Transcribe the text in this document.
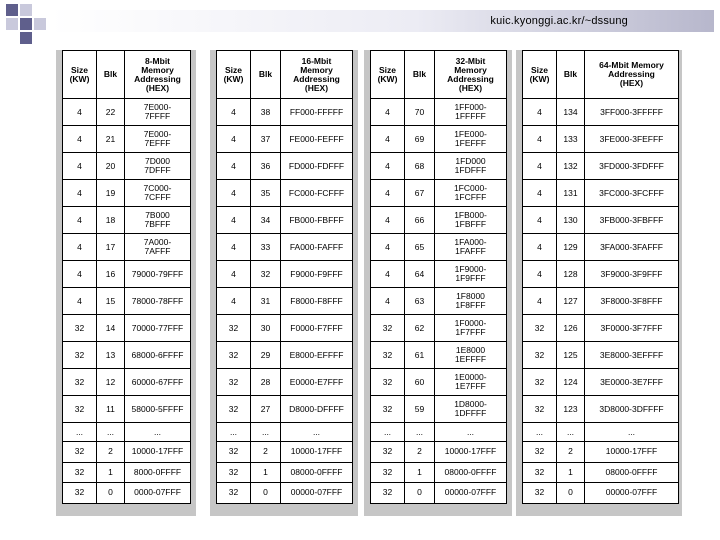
kuic.kyonggi.ac.kr/~dssung
Size
(KW)	Blk	8-Mbit
Memory
Addressing
(HEX)

4	22	7E000-
7FFFF

4	21	7E000-
7EFFF

4	20	7D000
7DFFF

4	19	7C000-
7CFFF

4	18	7B000
7BFFF

4	17	7A000-
7AFFF

4	16	79000-79FFF

4	15	78000-78FFF

32	14	70000-77FFF

32	13	68000-6FFFF

32	12	60000-67FFF

32	11	58000-5FFFF

...	...	...

32	2	10000-17FFF

32	1	8000-0FFFF

32	0	0000-07FFF
Size
(KW)	Blk	16-Mbit
Memory
Addressing
(HEX)

4	38	FF000-FFFFF

4	37	FE000-FEFFF

4	36	FD000-FDFFF

4	35	FC000-FCFFF

4	34	FB000-FBFFF

4	33	FA000-FAFFF

4	32	F9000-F9FFF

4	31	F8000-F8FFF

32	30	F0000-F7FFF

32	29	E8000-EFFFF

32	28	E0000-E7FFF

32	27	D8000-DFFFF

...	...	...

32	2	10000-17FFF

32	1	08000-0FFFF

32	0	00000-07FFF
Size
(KW)	Blk	32-Mbit
Memory
Addressing
(HEX)

4	70	1FF000-
1FFFFF

4	69	1FE000-
1FEFFF

4	68	1FD000
1FDFFF

4	67	1FC000-
1FCFFF

4	66	1FB000-
1FBFFF

4	65	1FA000-
1FAFFF

4	64	1F9000-
1F9FFF

4	63	1F8000
1F8FFF

32	62	1F0000-
1F7FFF

32	61	1E8000
1EFFFF

32	60	1E0000-
1E7FFF

32	59	1D8000-
1DFFFF

...	...	...

32	2	10000-17FFF

32	1	08000-0FFFF

32	0	00000-07FFF
Size
(KW)	Blk	64-Mbit Memory
Addressing
(HEX)

4	134	3FF000-3FFFFF

4	133	3FE000-3FEFFF

4	132	3FD000-3FDFFF

4	131	3FC000-3FCFFF

4	130	3FB000-3FBFFF

4	129	3FA000-3FAFFF

4	128	3F9000-3F9FFF

4	127	3F8000-3F8FFF

32	126	3F0000-3F7FFF

32	125	3E8000-3EFFFF

32	124	3E0000-3E7FFF

32	123	3D8000-3DFFFF

...	...	...

32	2	10000-17FFF

32	1	08000-0FFFF

32	0	00000-07FFF
